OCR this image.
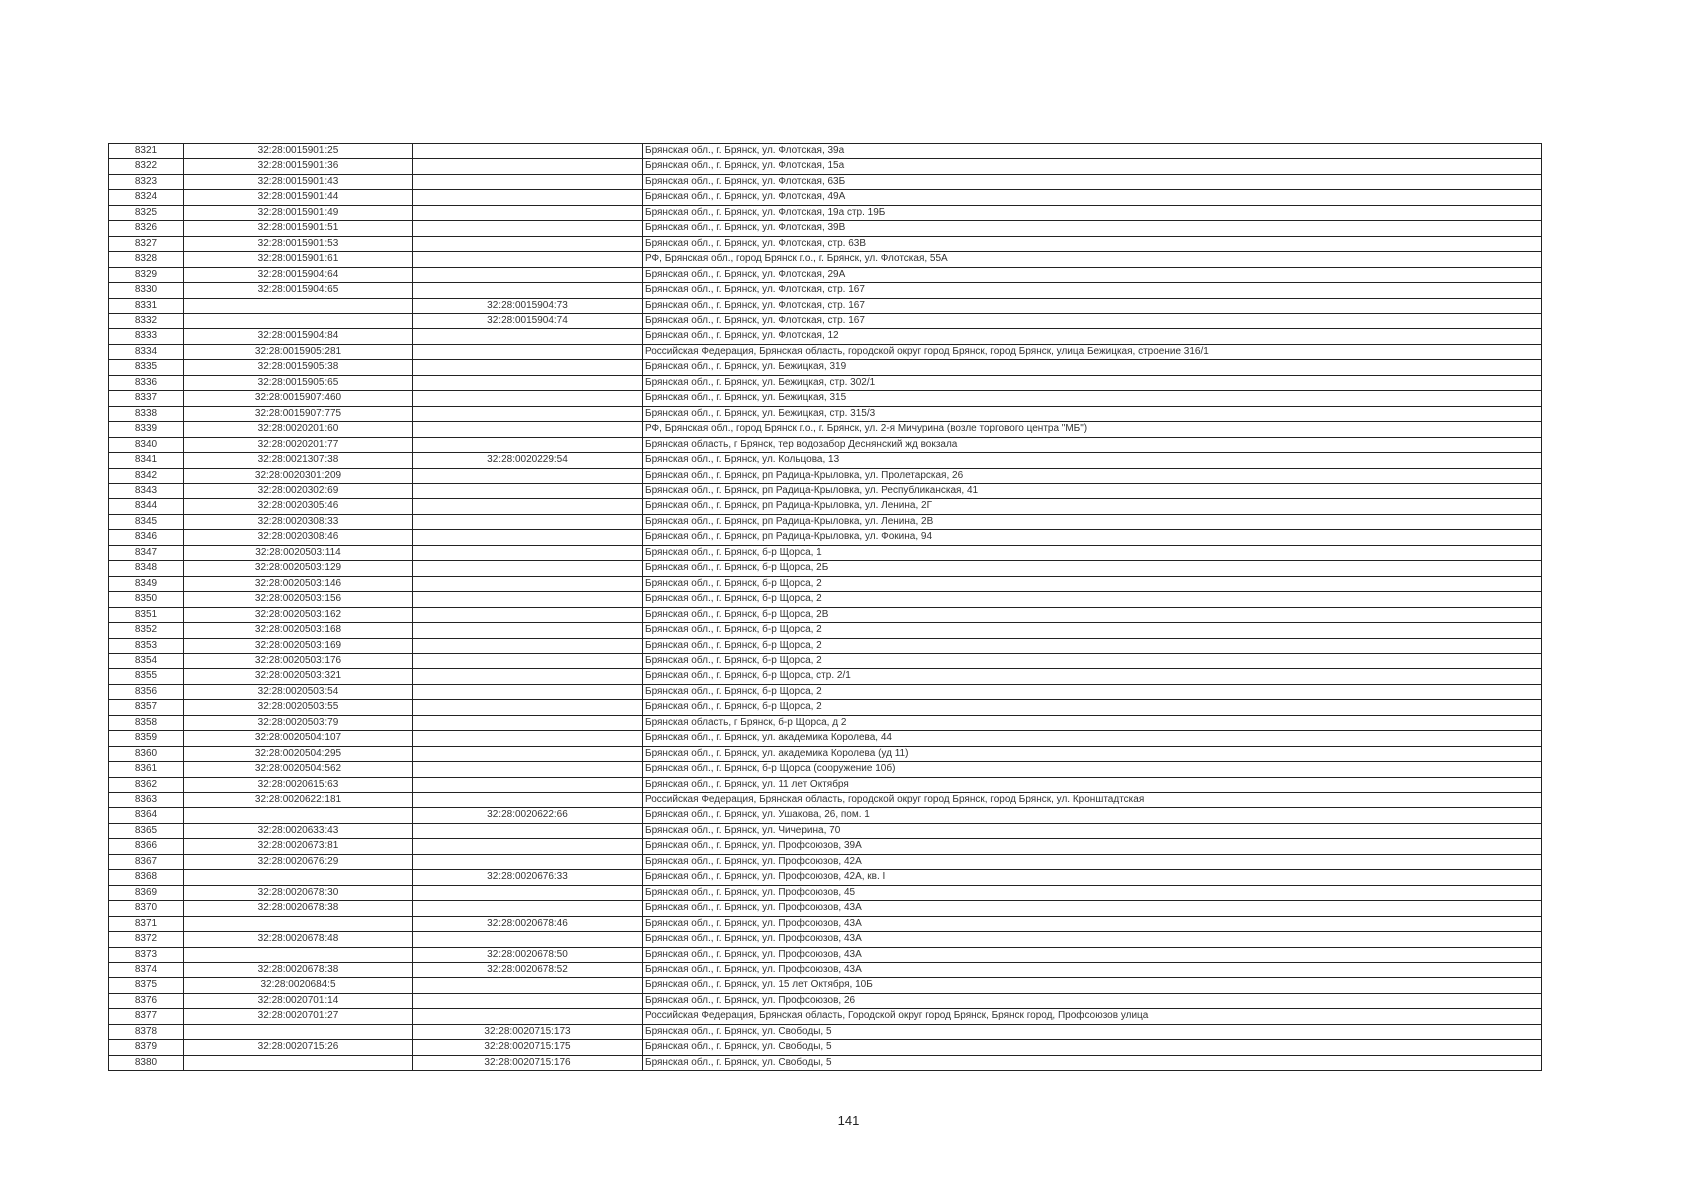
8321	32:28:0015901:25		Брянская обл., г. Брянск, ул. Флотская, 39а
8322	32:28:0015901:36		Брянская обл., г. Брянск, ул. Флотская, 15а
8323	32:28:0015901:43		Брянская обл., г. Брянск, ул. Флотская, 63Б
8324	32:28:0015901:44		Брянская обл., г. Брянск, ул. Флотская, 49А
8325	32:28:0015901:49		Брянская обл., г. Брянск, ул. Флотская, 19а стр. 19Б
8326	32:28:0015901:51		Брянская обл., г. Брянск, ул. Флотская, 39В
8327	32:28:0015901:53		Брянская обл., г. Брянск, ул. Флотская, стр. 63В
8328	32:28:0015901:61		РФ, Брянская обл., город Брянск г.о., г. Брянск, ул. Флотская, 55А
8329	32:28:0015904:64		Брянская обл., г. Брянск, ул. Флотская, 29А
8330	32:28:0015904:65		Брянская обл., г. Брянск, ул. Флотская, стр. 167
8331		32:28:0015904:73	Брянская обл., г. Брянск, ул. Флотская, стр. 167
8332		32:28:0015904:74	Брянская обл., г. Брянск, ул. Флотская, стр. 167
8333	32:28:0015904:84		Брянская обл., г. Брянск, ул. Флотская, 12
8334	32:28:0015905:281		Российская Федерация, Брянская область, городской округ город Брянск, город Брянск, улица Бежицкая, строение 316/1
8335	32:28:0015905:38		Брянская обл., г. Брянск, ул. Бежицкая, 319
8336	32:28:0015905:65		Брянская обл., г. Брянск, ул. Бежицкая, стр. 302/1
8337	32:28:0015907:460		Брянская обл., г. Брянск, ул. Бежицкая, 315
8338	32:28:0015907:775		Брянская обл., г. Брянск, ул. Бежицкая, стр. 315/3
8339	32:28:0020201:60		РФ, Брянская обл., город Брянск г.о., г. Брянск, ул. 2-я Мичурина (возле торгового центра "МБ")
8340	32:28:0020201:77		Брянская область, г Брянск, тер водозабор Деснянский жд вокзала
8341	32:28:0021307:38	32:28:0020229:54	Брянская обл., г. Брянск, ул. Кольцова, 13
8342	32:28:0020301:209		Брянская обл., г. Брянск, рп Радица-Крыловка, ул. Пролетарская, 26
8343	32:28:0020302:69		Брянская обл., г. Брянск, рп Радица-Крыловка, ул. Республиканская, 41
8344	32:28:0020305:46		Брянская обл., г. Брянск, рп Радица-Крыловка, ул. Ленина, 2Г
8345	32:28:0020308:33		Брянская обл., г. Брянск, рп Радица-Крыловка, ул. Ленина, 2В
8346	32:28:0020308:46		Брянская обл., г. Брянск, рп Радица-Крыловка, ул. Фокина, 94
8347	32:28:0020503:114		Брянская обл., г. Брянск, б-р Щорса, 1
8348	32:28:0020503:129		Брянская обл., г. Брянск, б-р Щорса, 2Б
8349	32:28:0020503:146		Брянская обл., г. Брянск, б-р Щорса, 2
8350	32:28:0020503:156		Брянская обл., г. Брянск, б-р Щорса, 2
8351	32:28:0020503:162		Брянская обл., г. Брянск, б-р Щорса, 2В
8352	32:28:0020503:168		Брянская обл., г. Брянск, б-р Щорса, 2
8353	32:28:0020503:169		Брянская обл., г. Брянск, б-р Щорса, 2
8354	32:28:0020503:176		Брянская обл., г. Брянск, б-р Щорса, 2
8355	32:28:0020503:321		Брянская обл., г. Брянск, б-р Щорса, стр. 2/1
8356	32:28:0020503:54		Брянская обл., г. Брянск, б-р Щорса, 2
8357	32:28:0020503:55		Брянская обл., г. Брянск, б-р Щорса, 2
8358	32:28:0020503:79		Брянская область, г Брянск, б-р Щорса, д 2
8359	32:28:0020504:107		Брянская обл., г. Брянск, ул. академика Королева, 44
8360	32:28:0020504:295		Брянская обл., г. Брянск, ул. академика Королева (уд 11)
8361	32:28:0020504:562		Брянская обл., г. Брянск, б-р Щорса (сооружение 10б)
8362	32:28:0020615:63		Брянская обл., г. Брянск, ул. 11 лет Октября
8363	32:28:0020622:181		Российская Федерация, Брянская область, городской округ город Брянск, город Брянск, ул. Кронштадтская
8364		32:28:0020622:66	Брянская обл., г. Брянск, ул. Ушакова, 26, пом. 1
8365	32:28:0020633:43		Брянская обл., г. Брянск, ул. Чичерина, 70
8366	32:28:0020673:81		Брянская обл., г. Брянск, ул. Профсоюзов, 39А
8367	32:28:0020676:29		Брянская обл., г. Брянск, ул. Профсоюзов, 42А
8368		32:28:0020676:33	Брянская обл., г. Брянск, ул. Профсоюзов, 42А, кв. I
8369	32:28:0020678:30		Брянская обл., г. Брянск, ул. Профсоюзов, 45
8370	32:28:0020678:38		Брянская обл., г. Брянск, ул. Профсоюзов, 43А
8371		32:28:0020678:46	Брянская обл., г. Брянск, ул. Профсоюзов, 43А
8372	32:28:0020678:48		Брянская обл., г. Брянск, ул. Профсоюзов, 43А
8373		32:28:0020678:50	Брянская обл., г. Брянск, ул. Профсоюзов, 43А
8374	32:28:0020678:38	32:28:0020678:52	Брянская обл., г. Брянск, ул. Профсоюзов, 43А
8375	32:28:0020684:5		Брянская обл., г. Брянск, ул. 15 лет Октября, 10Б
8376	32:28:0020701:14		Брянская обл., г. Брянск, ул. Профсоюзов, 26
8377	32:28:0020701:27		Российская Федерация, Брянская область, Городской округ город Брянск, Брянск город, Профсоюзов улица
8378		32:28:0020715:173	Брянская обл., г. Брянск, ул. Свободы, 5
8379	32:28:0020715:26	32:28:0020715:175	Брянская обл., г. Брянск, ул. Свободы, 5
8380		32:28:0020715:176	Брянская обл., г. Брянск, ул. Свободы, 5
141
